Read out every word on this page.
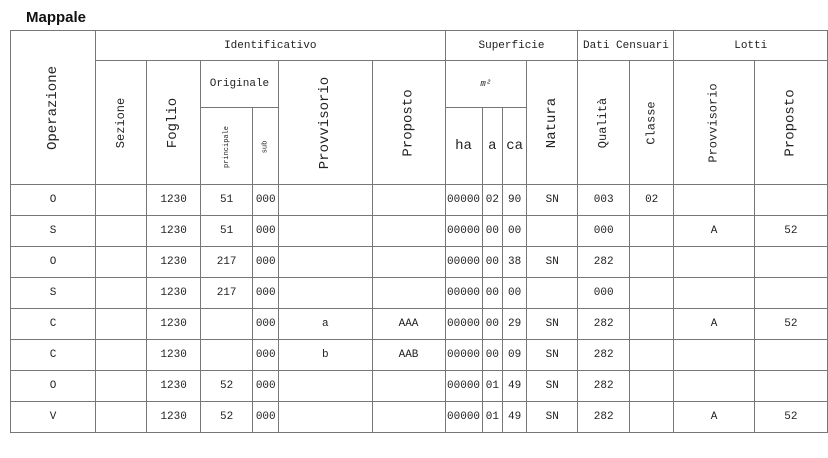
Mappale
Operazione	Identificativo						Superficie				Dati Censuari		Lotti	
	Sezione	Foglio	Originale		Provvisorio	Proposto	m²			Natura	Qualità	Classe	Provvisorio	Proposto
			principale	sub			ha	a	ca					
O		1230	51	000			00000	02	90	SN	003	02		
S		1230	51	000			00000	00	00		000		A	52
O		1230	217	000			00000	00	38	SN	282			
S		1230	217	000			00000	00	00		000			
C		1230		000	a	AAA	00000	00	29	SN	282		A	52
C		1230		000	b	AAB	00000	00	09	SN	282			
O		1230	52	000			00000	01	49	SN	282			
V		1230	52	000			00000	01	49	SN	282		A	52
